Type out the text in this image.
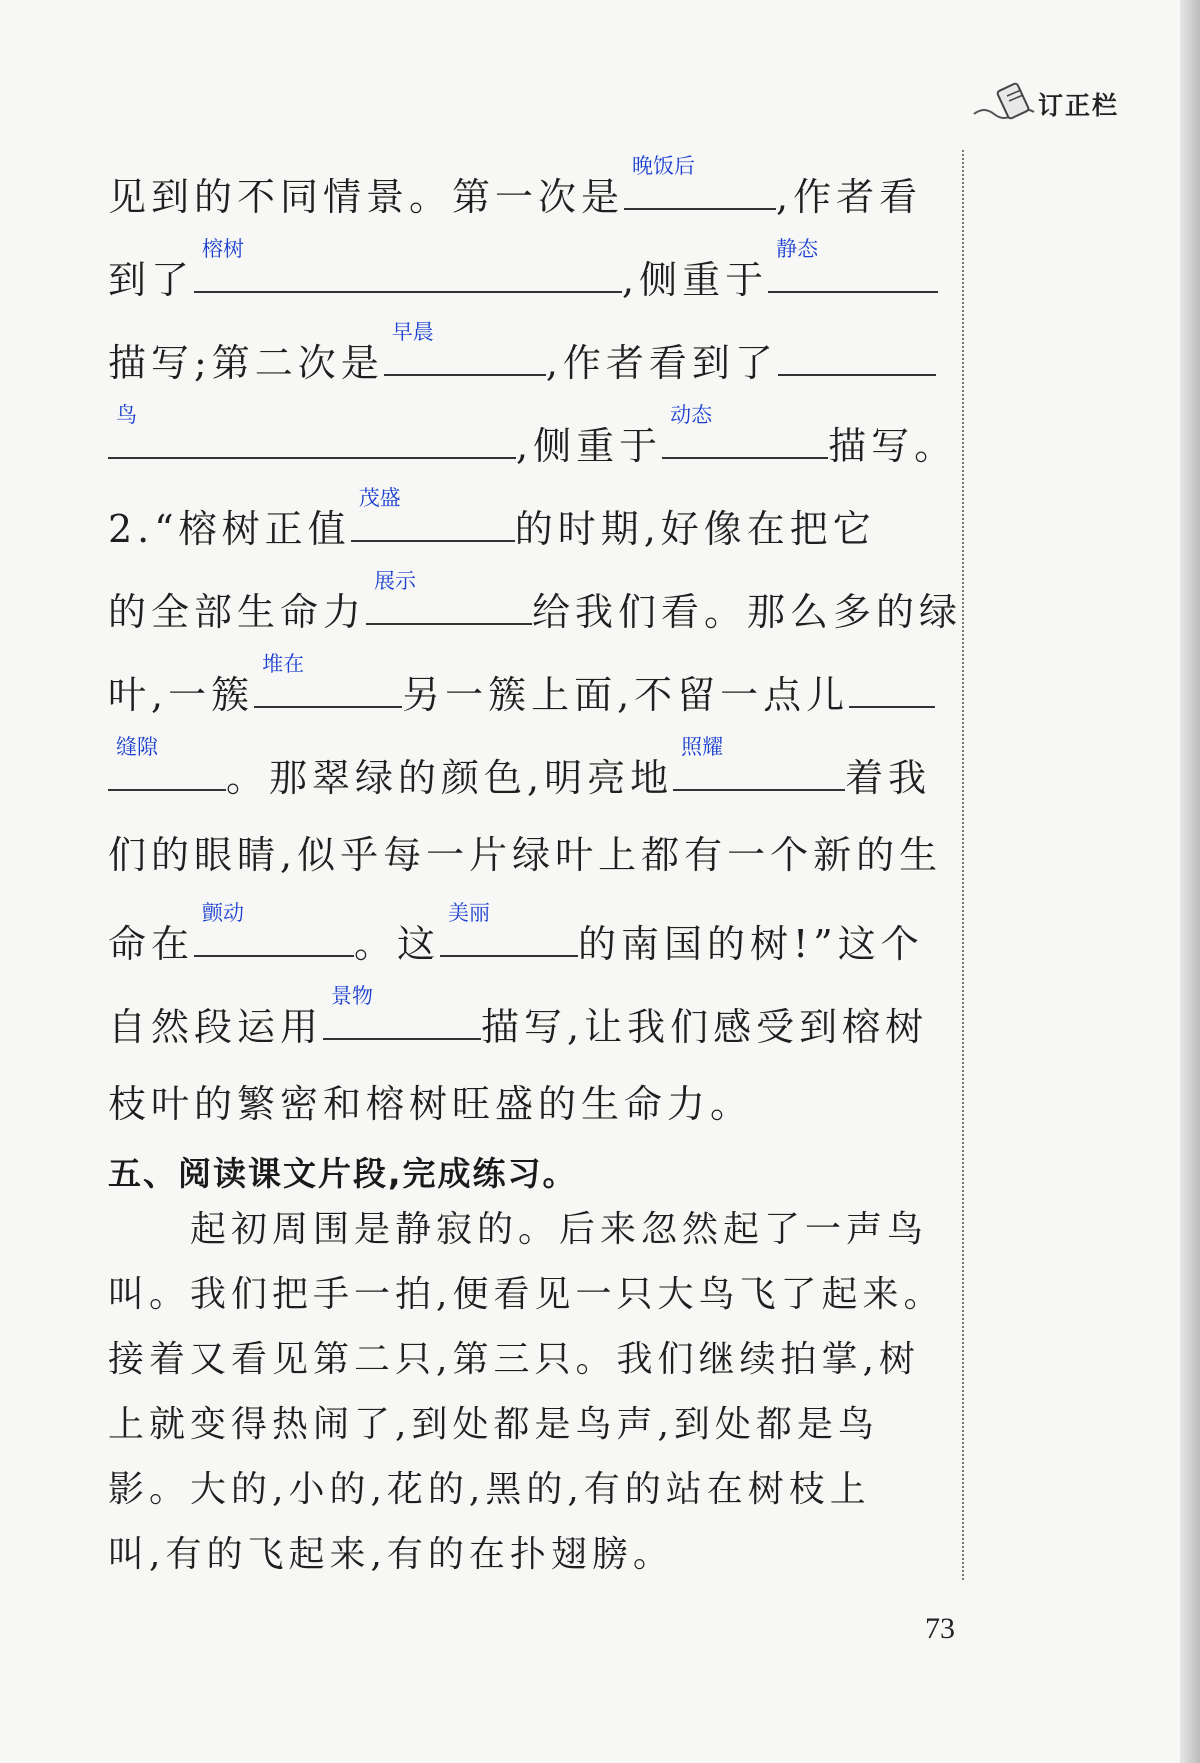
订正栏
见到的不同情景。第一次是
晚饭后
,作者看
到了
榕树
,侧重于
静态
描写;第二次是
早晨
,作者看到了
鸟
,侧重于
动态
描写。
2.“榕树正值
茂盛
的时期,好像在把它
的全部生命力
展示
给我们看。那么多的绿
叶,一簇
堆在
另一簇上面,不留一点儿
缝隙
。那翠绿的颜色,明亮地
照耀
着我
们的眼睛,似乎每一片绿叶上都有一个新的生
命在
颤动
。这
美丽
的南国的树!”这个
自然段运用
景物
描写,让我们感受到榕树
枝叶的繁密和榕树旺盛的生命力。
五、阅读课文片段,完成练习。
　　起初周围是静寂的。后来忽然起了一声鸟
叫。我们把手一拍,便看见一只大鸟飞了起来。
接着又看见第二只,第三只。我们继续拍掌,树
上就变得热闹了,到处都是鸟声,到处都是鸟
影。大的,小的,花的,黑的,有的站在树枝上
叫,有的飞起来,有的在扑翅膀。
73
